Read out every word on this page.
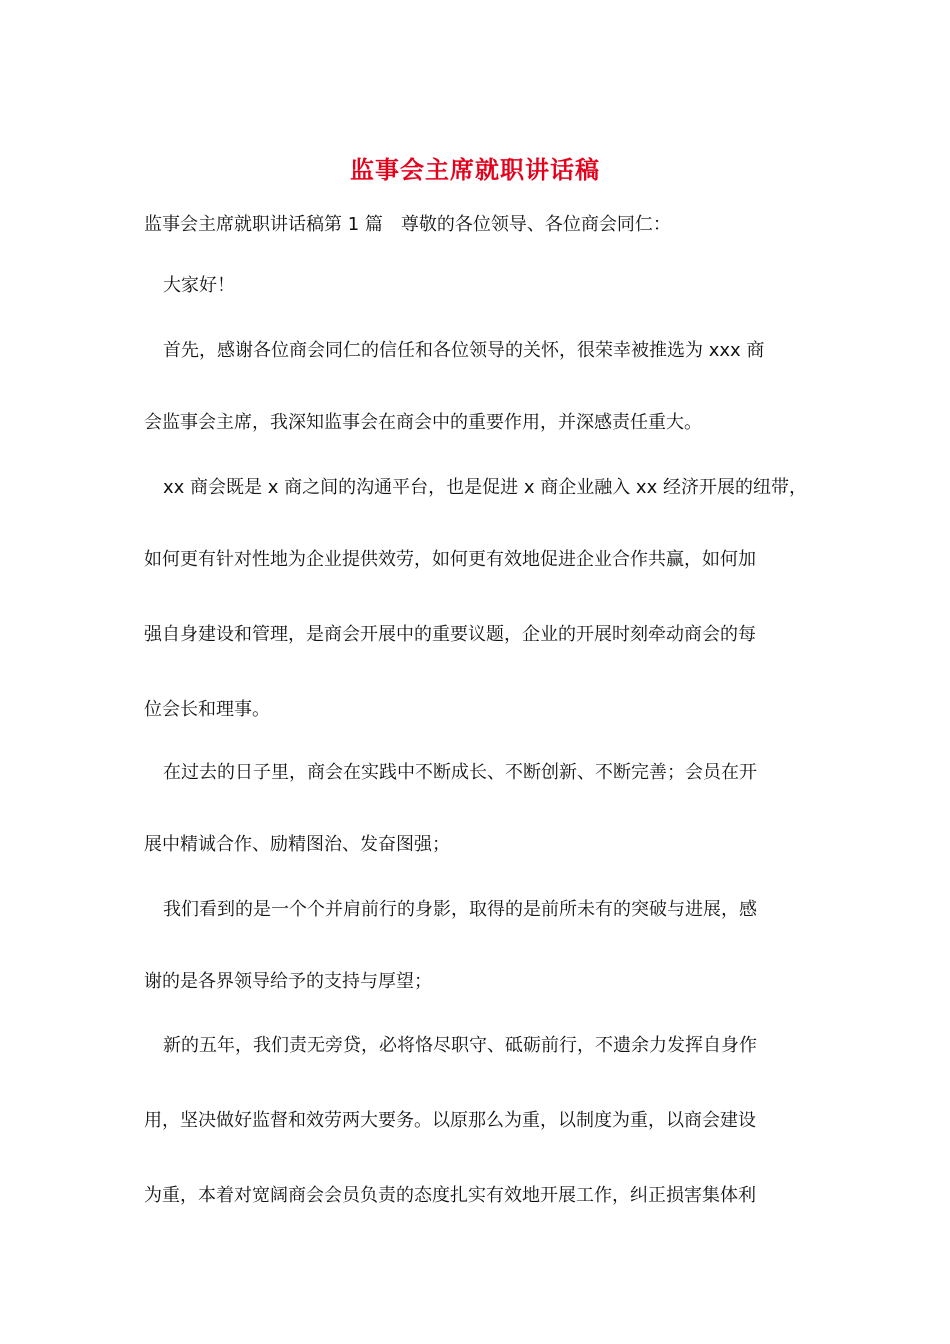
监事会主席就职讲话稿

监事会主席就职讲话稿第 1 篇　尊敬的各位领导、各位商会同仁：

大家好！

首先，感谢各位商会同仁的信任和各位领导的关怀，很荣幸被推选为 xxx 商

会监事会主席，我深知监事会在商会中的重要作用，并深感责任重大。

xx 商会既是 x 商之间的沟通平台，也是促进 x 商企业融入 xx 经济开展的纽带，

如何更有针对性地为企业提供效劳，如何更有效地促进企业合作共赢，如何加

强自身建设和管理，是商会开展中的重要议题，企业的开展时刻牵动商会的每

位会长和理事。

在过去的日子里，商会在实践中不断成长、不断创新、不断完善；会员在开

展中精诚合作、励精图治、发奋图强；

我们看到的是一个个并肩前行的身影，取得的是前所未有的突破与进展，感

谢的是各界领导给予的支持与厚望；

新的五年，我们责无旁贷，必将恪尽职守、砥砺前行，不遗余力发挥自身作

用，坚决做好监督和效劳两大要务。以原那么为重，以制度为重，以商会建设

为重，本着对宽阔商会会员负责的态度扎实有效地开展工作，纠正损害集体利
